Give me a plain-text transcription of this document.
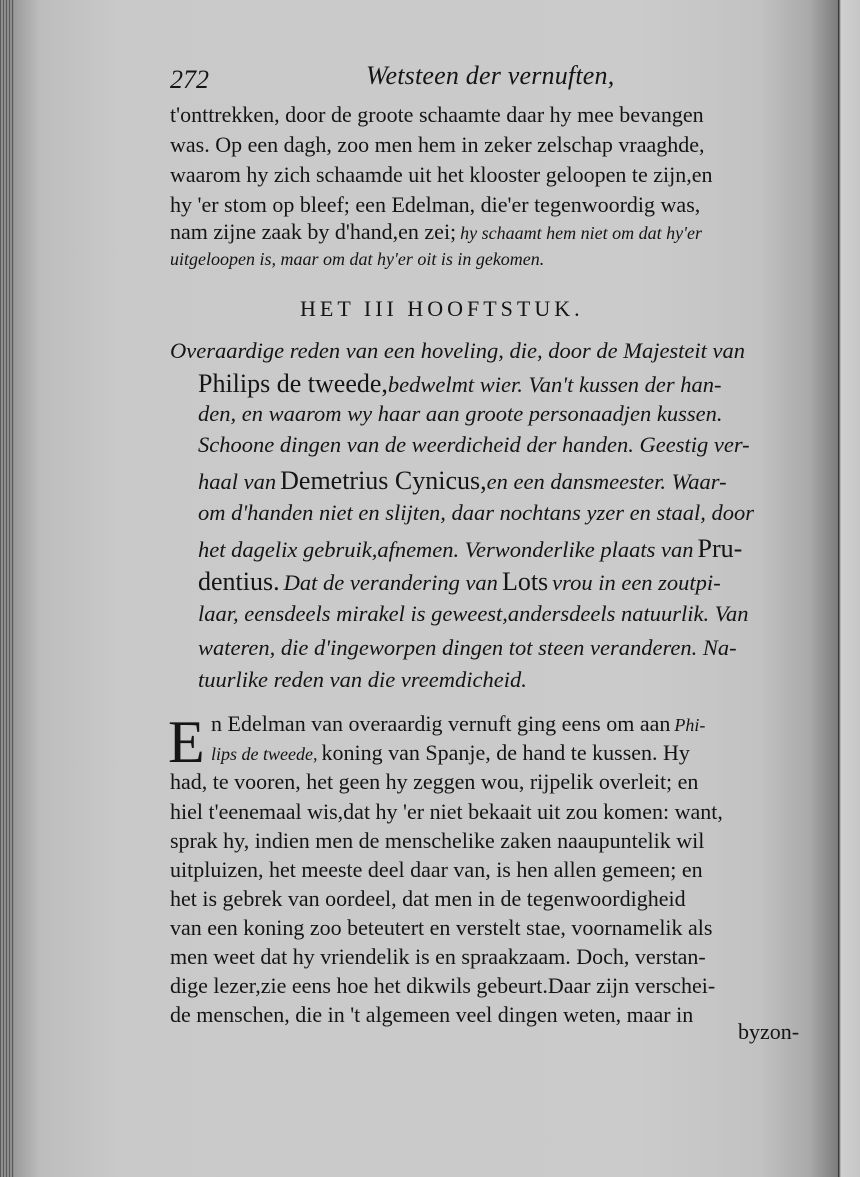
272	Wetsteen der vernuften,
t'onttrekken, door de groote schaamte daar hy mee bevangen
was. Op een dagh, zoo men hem in zeker zelschap vraaghde,
waarom hy zich schaamde uit het klooster geloopen te zijn,en
hy 'er stom op bleef; een Edelman, die'er tegenwoordig was,
nam zijne zaak by d'hand,en zei; hy schaamt hem niet om dat hy'er
uitgeloopen is, maar om dat hy'er oit is in gekomen.
HET III HOOFTSTUK.
Overaardige reden van een hoveling, die, door de Majesteit van
Philips de tweede,bedwelmt wier. Van't kussen der han-
den, en waarom wy haar aan groote personaadjen kussen.
Schoone dingen van de weerdicheid der handen. Geestig ver-
haal van Demetrius Cynicus,en een dansmeester. Waar-
om d'handen niet en slijten, daar nochtans yzer en staal, door
het dagelix gebruik,afnemen. Verwonderlike plaats van Pru-
dentius. Dat de verandering van Lots vrou in een zoutpi-
laar, eensdeels mirakel is geweest,andersdeels natuurlik. Van
wateren, die d'ingeworpen dingen tot steen veranderen. Na-
tuurlike reden van die vreemdicheid.
E n Edelman van overaardig vernuft ging eens om aan Phi-
lips de tweede, koning van Spanje, de hand te kussen. Hy
had, te vooren, het geen hy zeggen wou, rijpelik overleit; en
hiel t'eenemaal wis,dat hy 'er niet bekaait uit zou komen: want,
sprak hy, indien men de menschelike zaken naaupuntelik wil
uitpluizen, het meeste deel daar van, is hen allen gemeen; en
het is gebrek van oordeel, dat men in de tegenwoordigheid
van een koning zoo beteutert en verstelt stae, voornamelik als
men weet dat hy vriendelik is en spraakzaam. Doch, verstan-
dige lezer,zie eens hoe het dikwils gebeurt.Daar zijn verschei-
de menschen, die in 't algemeen veel dingen weten, maar in
byzon-
